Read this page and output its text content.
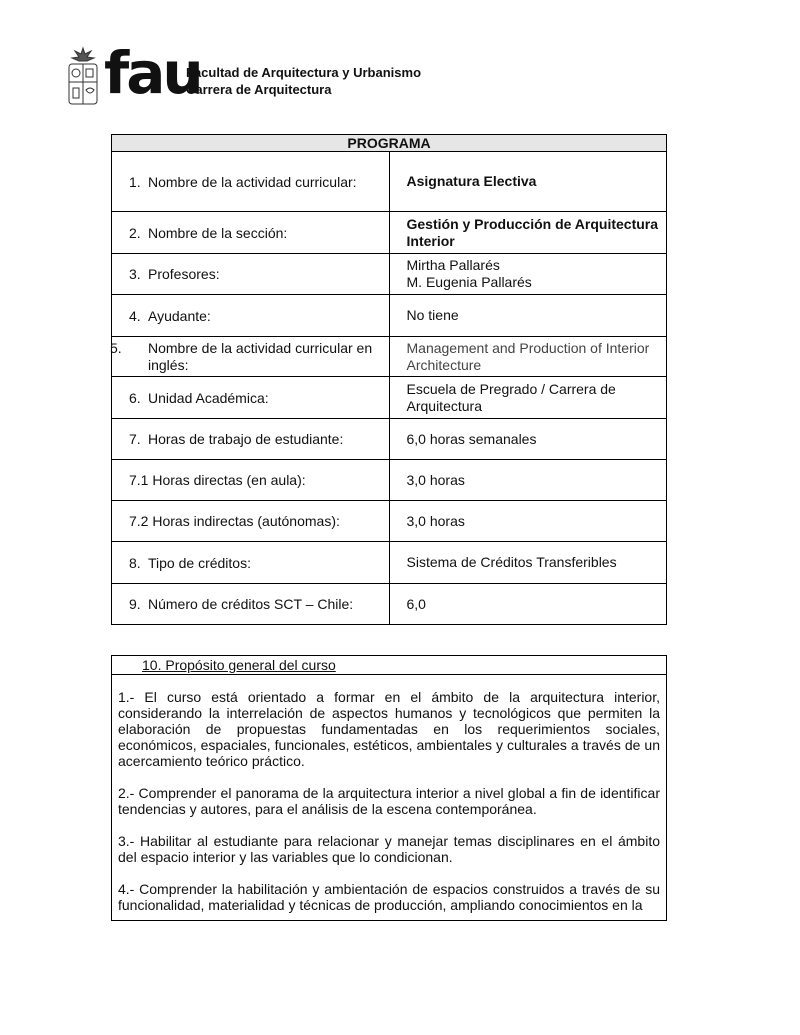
fau
Facultad de Arquitectura y Urbanismo
Carrera de Arquitectura
PROGRAMA	
1. Nombre de la actividad curricular:	Asignatura Electiva
2. Nombre de la sección:	Gestión y Producción de Arquitectura Interior
3. Profesores:	Mirtha Pallarés
M. Eugenia Pallarés

4. Ayudante:	No tiene

5. Nombre de la actividad curricular en inglés:	Management and Production of Interior Architecture
6. Unidad Académica:	Escuela de Pregrado / Carrera de Arquitectura
7. Horas de trabajo de estudiante:	6,0 horas semanales
7.1 Horas directas (en aula):	3,0 horas
7.2 Horas indirectas (autónomas):	3,0 horas
8. Tipo de créditos:	Sistema de Créditos Transferibles
9. Número de créditos SCT – Chile:	6,0
10. Propósito general del curso

1.- El curso está orientado a formar en el ámbito de la arquitectura interior, considerando la interrelación de aspectos humanos y tecnológicos que permiten la elaboración de propuestas fundamentadas en los requerimientos sociales, económicos, espaciales, funcionales, estéticos, ambientales y culturales a través de un acercamiento teórico práctico.

2.- Comprender el panorama de la arquitectura interior a nivel global a fin de identificar tendencias y autores, para el análisis de la escena contemporánea.

3.- Habilitar al estudiante para relacionar y manejar temas disciplinares en el ámbito del espacio interior y las variables que lo condicionan.

4.- Comprender la habilitación y ambientación de espacios construidos a través de su funcionalidad, materialidad y técnicas de producción, ampliando conocimientos en la
